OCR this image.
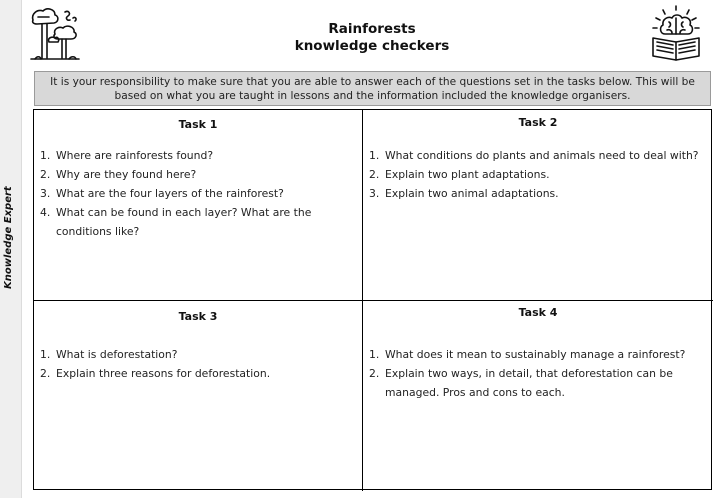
Knowledge Expert
Rainforests
knowledge checkers
It is your responsibility to make sure that you are able to answer each of the questions set in the tasks below. This will be based on what you are taught in lessons and the information included the knowledge organisers.
Task 1
1. Where are rainforests found?
2. Why are they found here?
3. What are the four layers of the rainforest?
4. What can be found in each layer? What are the conditions like?
Task 2
1. What conditions do plants and animals need to deal with?
2. Explain two plant adaptations.
3. Explain two animal adaptations.
Task 3
1. What is deforestation?
2. Explain three reasons for deforestation.
Task 4
1. What does it mean to sustainably manage a rainforest?
2. Explain two ways, in detail, that deforestation can be managed. Pros and cons to each.
